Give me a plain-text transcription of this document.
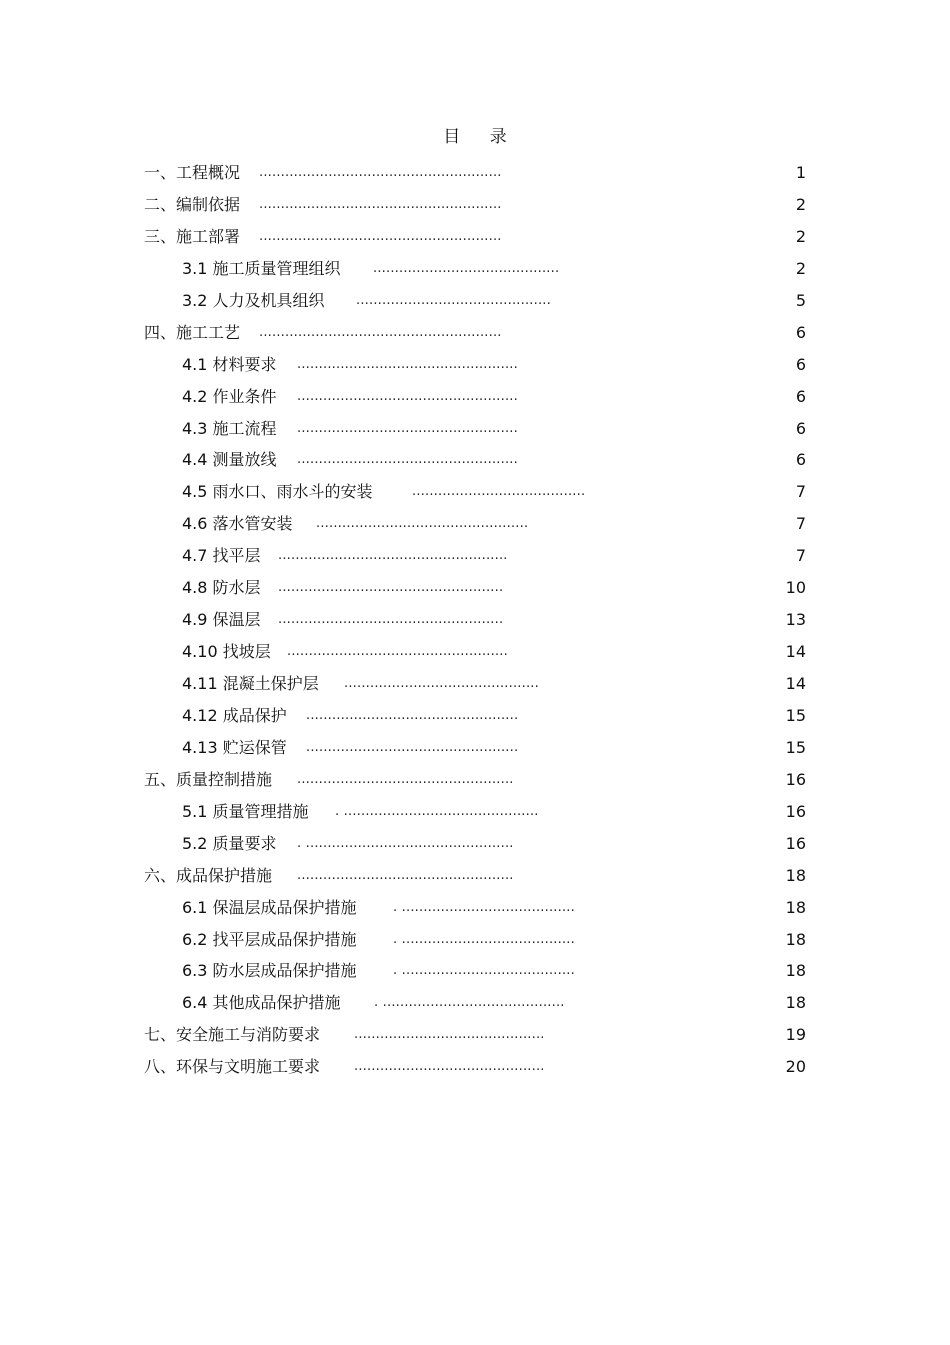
目 录
一、工程概况 ........................................................	1
二、编制依据 ........................................................	2
三、施工部署 ........................................................	2
3.1 施工质量管理组织 ...........................................	2
3.2 人力及机具组织 .............................................	5
四、施工工艺 ........................................................	6
4.1 材料要求 ...................................................	6
4.2 作业条件 ...................................................	6
4.3 施工流程 ...................................................	6
4.4 测量放线 ...................................................	6
4.5 雨水口、雨水斗的安装	........................................	7
4.6 落水管安装 .................................................	7
4.7 找平层 .....................................................	7
4.8 防水层 ....................................................	10
4.9 保温层 ....................................................	13
4.10 找坡层 ...................................................	14
4.11 混凝土保护层 .............................................	14
4.12 成品保护 .................................................	15
4.13 贮运保管 .................................................	15
五、质量控制措施 ..................................................	16
5.1 质量管理措施 . .............................................	16
5.2 质量要求 . ................................................	16
六、成品保护措施 ..................................................	18
6.1 保温层成品保护措施	. ........................................	18
6.2 找平层成品保护措施	. ........................................	18
6.3 防水层成品保护措施	. ........................................	18
6.4 其他成品保护措施	. ..........................................	18
七、安全施工与消防要求	............................................	19
八、环保与文明施工要求	............................................	20
